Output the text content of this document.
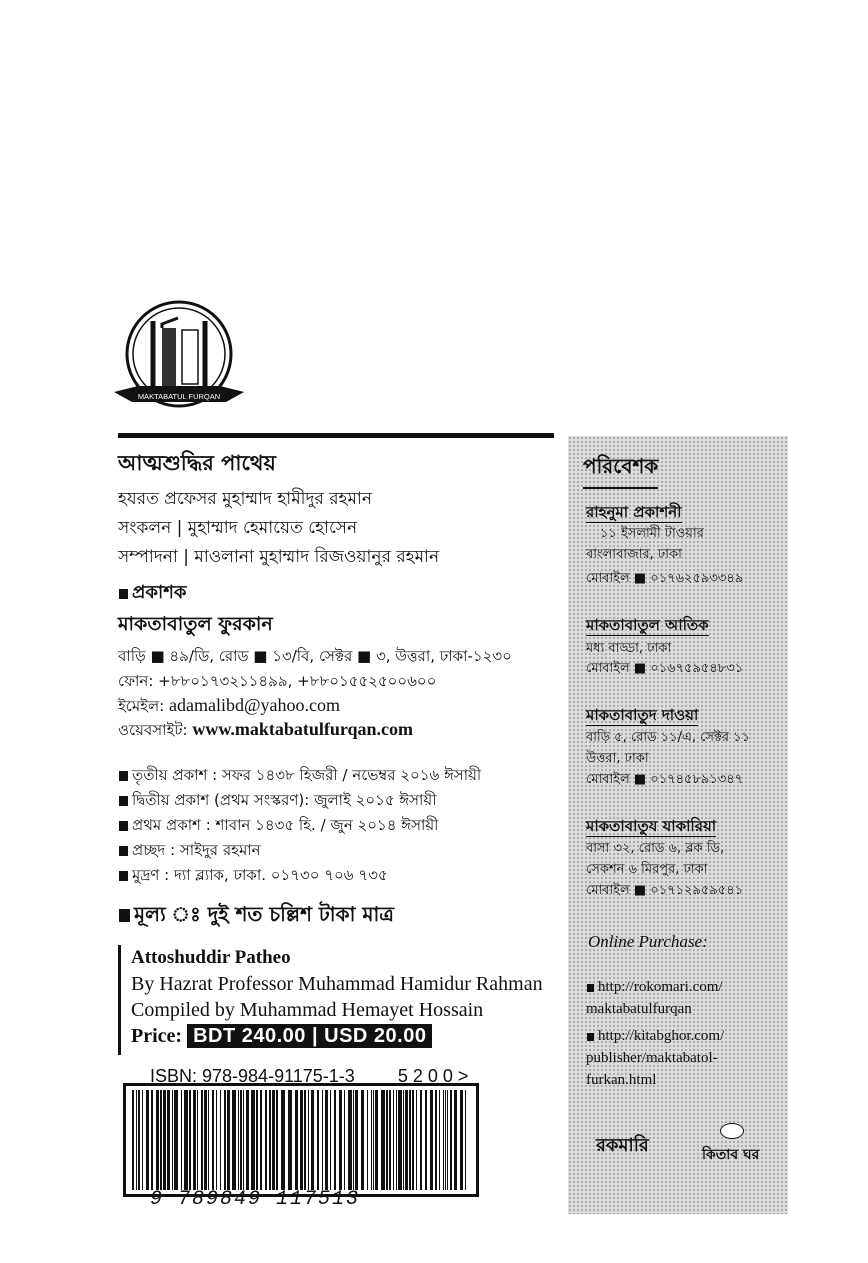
MAKTABATUL FURQAN
আত্মশুদ্ধির পাথেয়
হযরত প্রফেসর মুহাম্মাদ হামীদুর রহমান
সংকলন | মুহাম্মাদ হেমায়েত হোসেন
সম্পাদনা | মাওলানা মুহাম্মাদ রিজওয়ানুর রহমান
প্রকাশক
মাকতাবাতুল ফুরকান
বাড়ি ■ ৪৯/ডি, রোড ■ ১৩/বি, সেক্টর ■ ৩, উত্তরা, ঢাকা-১২৩০
ফোন: +৮৮০১৭৩২১১৪৯৯, +৮৮০১৫৫২৫০০৬০০
ইমেইল: adamalibd@yahoo.com
ওয়েবসাইট: www.maktabatulfurqan.com
তৃতীয় প্রকাশ : সফর ১৪৩৮ হিজরী / নভেম্বর ২০১৬ ঈসায়ী
দ্বিতীয় প্রকাশ (প্রথম সংস্করণ): জুলাই ২০১৫ ঈসায়ী
প্রথম প্রকাশ : শাবান ১৪৩৫ হি. / জুন ২০১৪ ঈসায়ী
প্রচ্ছদ : সাইদুর রহমান
মুদ্রণ : দ্যা ব্ল্যাক, ঢাকা. ০১৭৩০ ৭০৬ ৭৩৫
মূল্য ঃ দুই শত চল্লিশ টাকা মাত্র
Attoshuddir Patheo
By Hazrat Professor Muhammad Hamidur Rahman
Compiled by Muhammad Hemayet Hossain
Price: BDT 240.00 | USD 20.00
ISBN: 978-984-91175-1-3 5 2 0 0 >
9 789849 117513
পরিবেশক
রাহনুমা প্রকাশনী
১১ ইসলামী টাওয়ার
বাংলাবাজার, ঢাকা
মোবাইল ■ ০১৭৬২৫৯৩৩৪৯
মাকতাবাতুল আতিক
মধ্য বাড্ডা, ঢাকা
মোবাইল ■ ০১৬৭৫৯৫৪৮৩১
মাকতাবাতুদ দাওয়া
বাড়ি ৫, রোড ১১/এ, সেক্টর ১১
উত্তরা, ঢাকা
মোবাইল ■ ০১৭৪৫৮৯১৩৪৭
মাকতাবাতুয যাকারিয়া
বাসা ৩২, রোড ৬, ব্লক ডি,
সেকশন ৬ মিরপুর, ঢাকা
মোবাইল ■ ০১৭১২৯৫৯৫৪১
Online Purchase:
http://rokomari.com/
maktabatulfurqan
http://kitabghor.com/
publisher/maktabatol-
furkan.html
রকমারি	কিতাব ঘর
